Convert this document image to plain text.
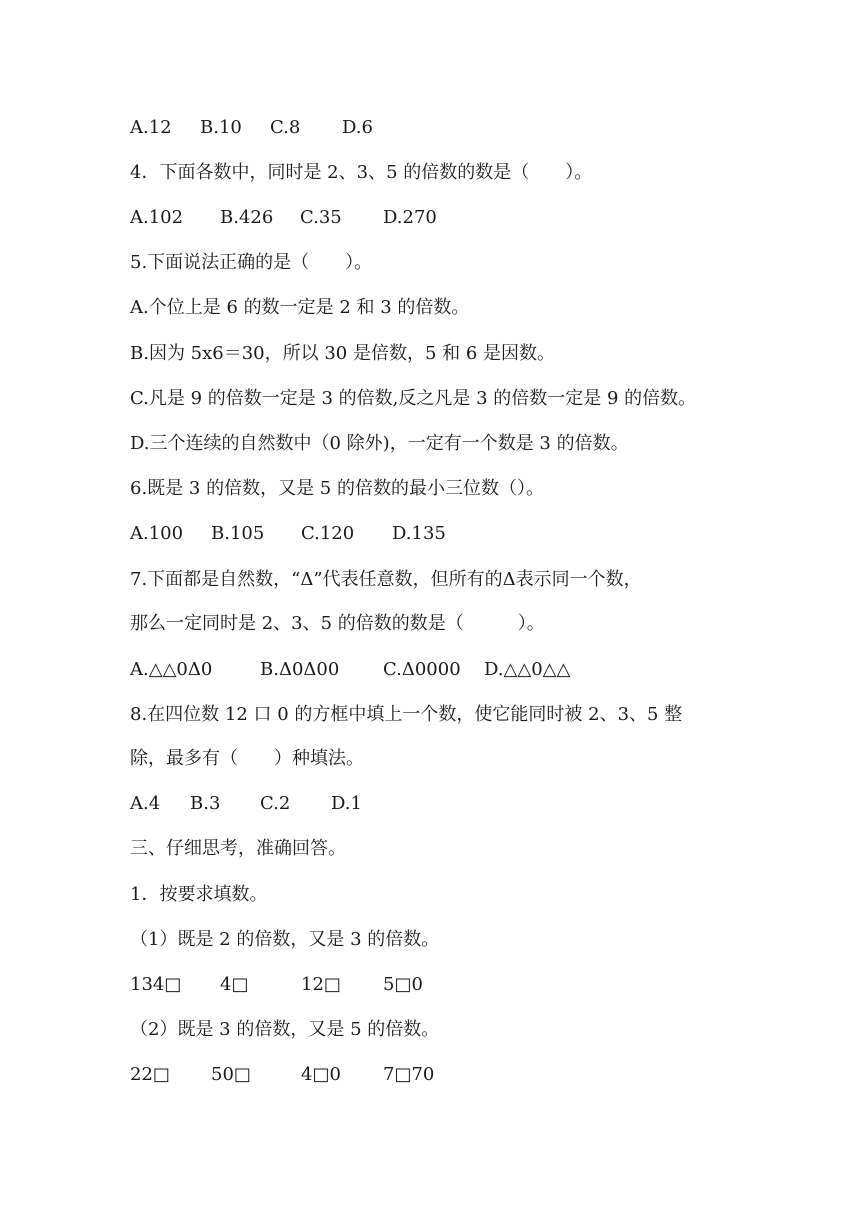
A.12 B.10 C.8 D.6
4．下面各数中，同时是 2、3、5 的倍数的数是（　　）。
A.102 B.426 C.35 D.270
5.下面说法正确的是（　　）。
A.个位上是 6 的数一定是 2 和 3 的倍数。
B.因为 5x6＝30，所以 30 是倍数，5 和 6 是因数。
C.凡是 9 的倍数一定是 3 的倍数,反之凡是 3 的倍数一定是 9 的倍数。
D.三个连续的自然数中（0 除外)，一定有一个数是 3 的倍数。
6.既是 3 的倍数，又是 5 的倍数的最小三位数（）。
A.100 B.105 C.120 D.135
7.下面都是自然数，“Δ”代表任意数，但所有的Δ表示同一个数，
那么一定同时是 2、3、5 的倍数的数是（　　　）。
A.△△0Δ0	B.Δ0Δ00 C.Δ0000 D.△△0△△
8.在四位数 12 口 0 的方框中填上一个数，使它能同时被 2、3、5 整
除，最多有（　　）种填法。
A.4 B.3 C.2 D.1
三、仔细思考，准确回答。
1．按要求填数。
（1）既是 2 的倍数，又是 3 的倍数。
134□ 4□	12□ 5□0
（2）既是 3 的倍数，又是 5 的倍数。
22□ 50□	4□0 7□70
